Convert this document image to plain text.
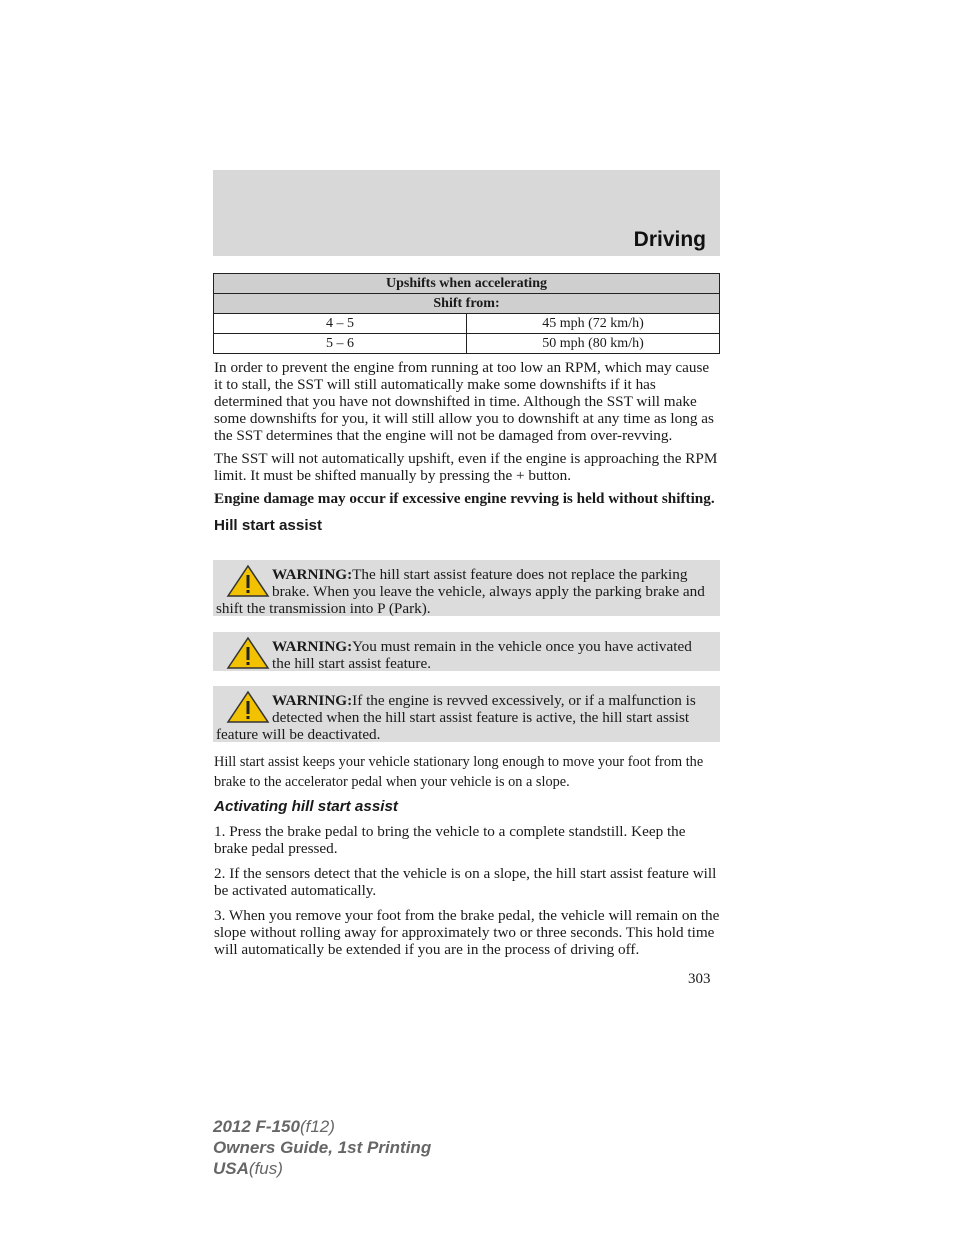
Driving
Upshifts when accelerating	
Shift from:	
4 – 5	45 mph (72 km/h)
5 – 6	50 mph (80 km/h)

In order to prevent the engine from running at too low an RPM, which may cause it to stall, the SST will still automatically make some downshifts if it has determined that you have not downshifted in time. Although the SST will make some downshifts for you, it will still allow you to downshift at any time as long as the SST determines that the engine will not be damaged from over-revving.

The SST will not automatically upshift, even if the engine is approaching the RPM limit. It must be shifted manually by pressing the + button.

Engine damage may occur if excessive engine revving is held without shifting.

Hill start assist

WARNING:The hill start assist feature does not replace the parking brake. When you leave the vehicle, always apply the parking brake and shift the transmission into P (Park).
WARNING:You must remain in the vehicle once you have activated the hill start assist feature.
WARNING:If the engine is revved excessively, or if a malfunction is detected when the hill start assist feature is active, the hill start assist feature will be deactivated.

Hill start assist keeps your vehicle stationary long enough to move your foot from the brake to the accelerator pedal when your vehicle is on a slope.

Activating hill start assist

1. Press the brake pedal to bring the vehicle to a complete standstill. Keep the brake pedal pressed.

2. If the sensors detect that the vehicle is on a slope, the hill start assist feature will be activated automatically.

3. When you remove your foot from the brake pedal, the vehicle will remain on the slope without rolling away for approximately two or three seconds. This hold time will automatically be extended if you are in the process of driving off.

303
2012 F-150(f12)
Owners Guide, 1st Printing
USA(fus)
